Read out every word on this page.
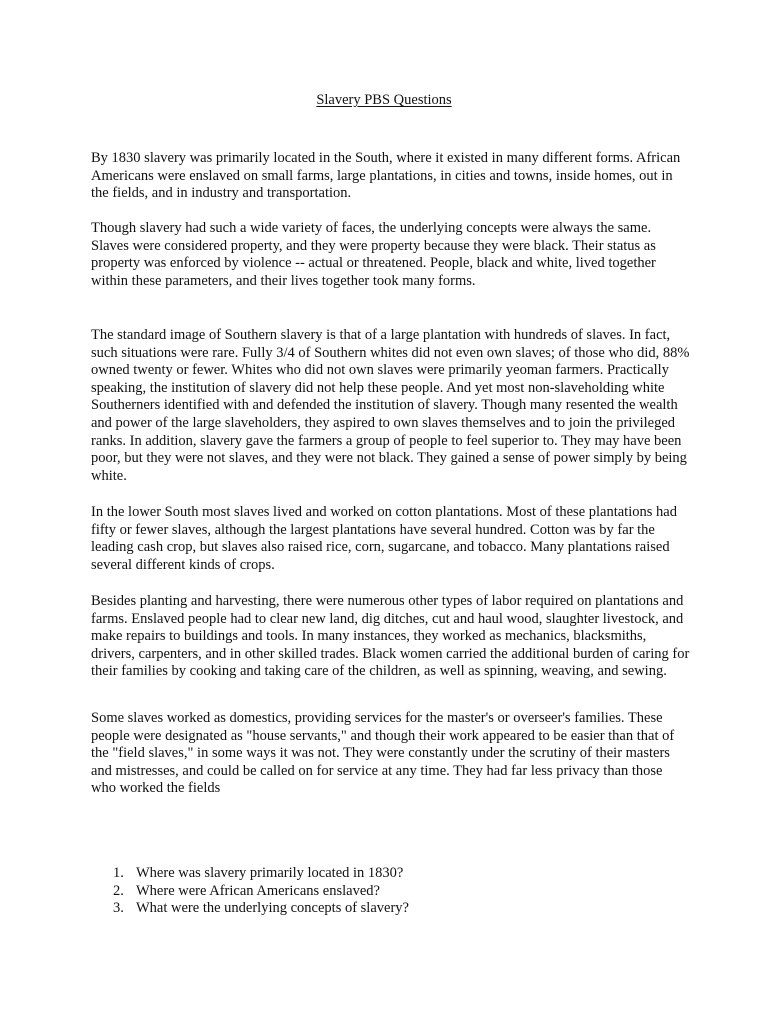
Slavery PBS Questions

By 1830 slavery was primarily located in the South, where it existed in many different forms. African Americans were enslaved on small farms, large plantations, in cities and towns, inside homes, out in the fields, and in industry and transportation.

Though slavery had such a wide variety of faces, the underlying concepts were always the same. Slaves were considered property, and they were property because they were black. Their status as property was enforced by violence -- actual or threatened. People, black and white, lived together within these parameters, and their lives together took many forms.

The standard image of Southern slavery is that of a large plantation with hundreds of slaves. In fact, such situations were rare. Fully 3/4 of Southern whites did not even own slaves; of those who did, 88% owned twenty or fewer. Whites who did not own slaves were primarily yeoman farmers. Practically speaking, the institution of slavery did not help these people. And yet most non-slaveholding white Southerners identified with and defended the institution of slavery. Though many resented the wealth and power of the large slaveholders, they aspired to own slaves themselves and to join the privileged ranks. In addition, slavery gave the farmers a group of people to feel superior to. They may have been poor, but they were not slaves, and they were not black. They gained a sense of power simply by being white.

In the lower South most slaves lived and worked on cotton plantations. Most of these plantations had fifty or fewer slaves, although the largest plantations have several hundred. Cotton was by far the leading cash crop, but slaves also raised rice, corn, sugarcane, and tobacco. Many plantations raised several different kinds of crops.

Besides planting and harvesting, there were numerous other types of labor required on plantations and farms. Enslaved people had to clear new land, dig ditches, cut and haul wood, slaughter livestock, and make repairs to buildings and tools. In many instances, they worked as mechanics, blacksmiths, drivers, carpenters, and in other skilled trades. Black women carried the additional burden of caring for their families by cooking and taking care of the children, as well as spinning, weaving, and sewing.

Some slaves worked as domestics, providing services for the master's or overseer's families. These people were designated as "house servants," and though their work appeared to be easier than that of the "field slaves," in some ways it was not. They were constantly under the scrutiny of their masters and mistresses, and could be called on for service at any time. They had far less privacy than those who worked the fields

1. Where was slavery primarily located in 1830?
2. Where were African Americans enslaved?
3. What were the underlying concepts of slavery?
